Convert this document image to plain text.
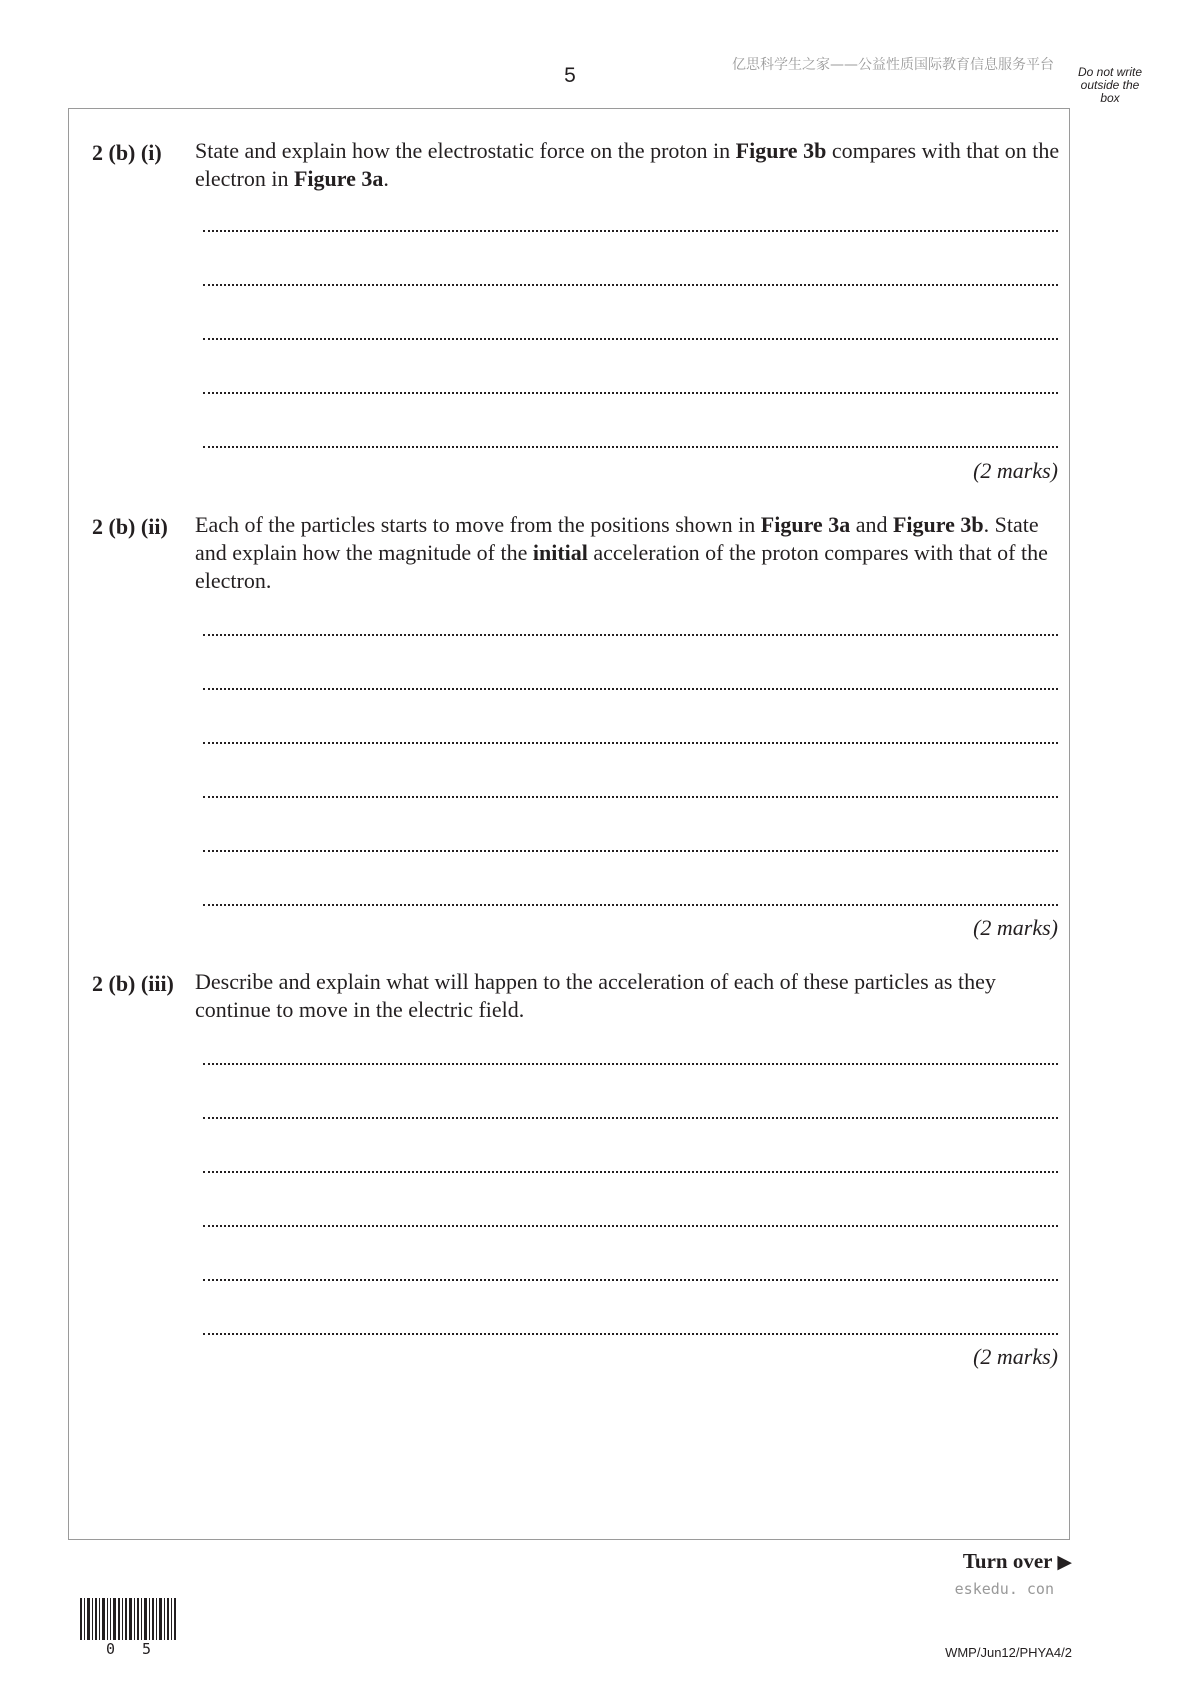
5	亿思科学生之家——公益性质国际教育信息服务平台	Do not write
outside the
box
2 (b) (i) State and explain how the electrostatic force on the proton in Figure 3b compares with that on the electron in Figure 3a.
(2 marks)
2 (b) (ii) Each of the particles starts to move from the positions shown in Figure 3a and Figure 3b. State and explain how the magnitude of the initial acceleration of the proton compares with that of the electron.
(2 marks)
2 (b) (iii) Describe and explain what will happen to the acceleration of each of these particles as they continue to move in the electric field.
(2 marks)
Turn over ▶
eskedu. con
0 5	WMP/Jun12/PHYA4/2
